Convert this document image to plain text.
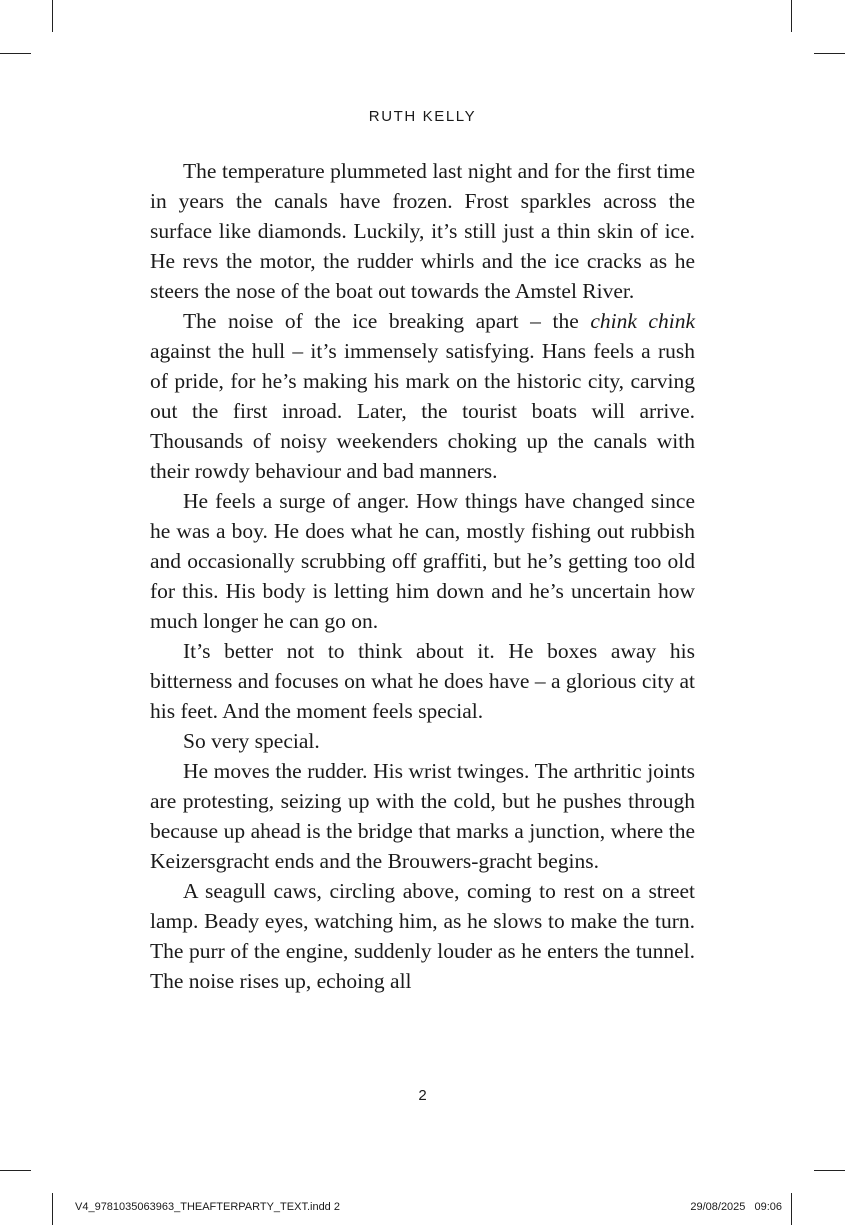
RUTH KELLY

The temperature plummeted last night and for the first time in years the canals have frozen. Frost sparkles across the surface like diamonds. Luckily, it’s still just a thin skin of ice. He revs the motor, the rudder whirls and the ice cracks as he steers the nose of the boat out towards the Amstel River.

The noise of the ice breaking apart – the chink chink against the hull – it’s immensely satisfying. Hans feels a rush of pride, for he’s making his mark on the historic city, carving out the first inroad. Later, the tourist boats will arrive. Thousands of noisy weekenders choking up the canals with their rowdy behaviour and bad manners.

He feels a surge of anger. How things have changed since he was a boy. He does what he can, mostly fishing out rubbish and occasionally scrubbing off graffiti, but he’s getting too old for this. His body is letting him down and he’s uncertain how much longer he can go on.

It’s better not to think about it. He boxes away his bitterness and focuses on what he does have – a glorious city at his feet. And the moment feels special.

So very special.

He moves the rudder. His wrist twinges. The arthritic joints are protesting, seizing up with the cold, but he pushes through because up ahead is the bridge that marks a junction, where the Keizersgracht ends and the Brouwers-gracht begins.

A seagull caws, circling above, coming to rest on a street lamp. Beady eyes, watching him, as he slows to make the turn. The purr of the engine, suddenly louder as he enters the tunnel. The noise rises up, echoing all

2
V4_9781035063963_THEAFTERPARTY_TEXT.indd 2	29/08/2025 09:06
